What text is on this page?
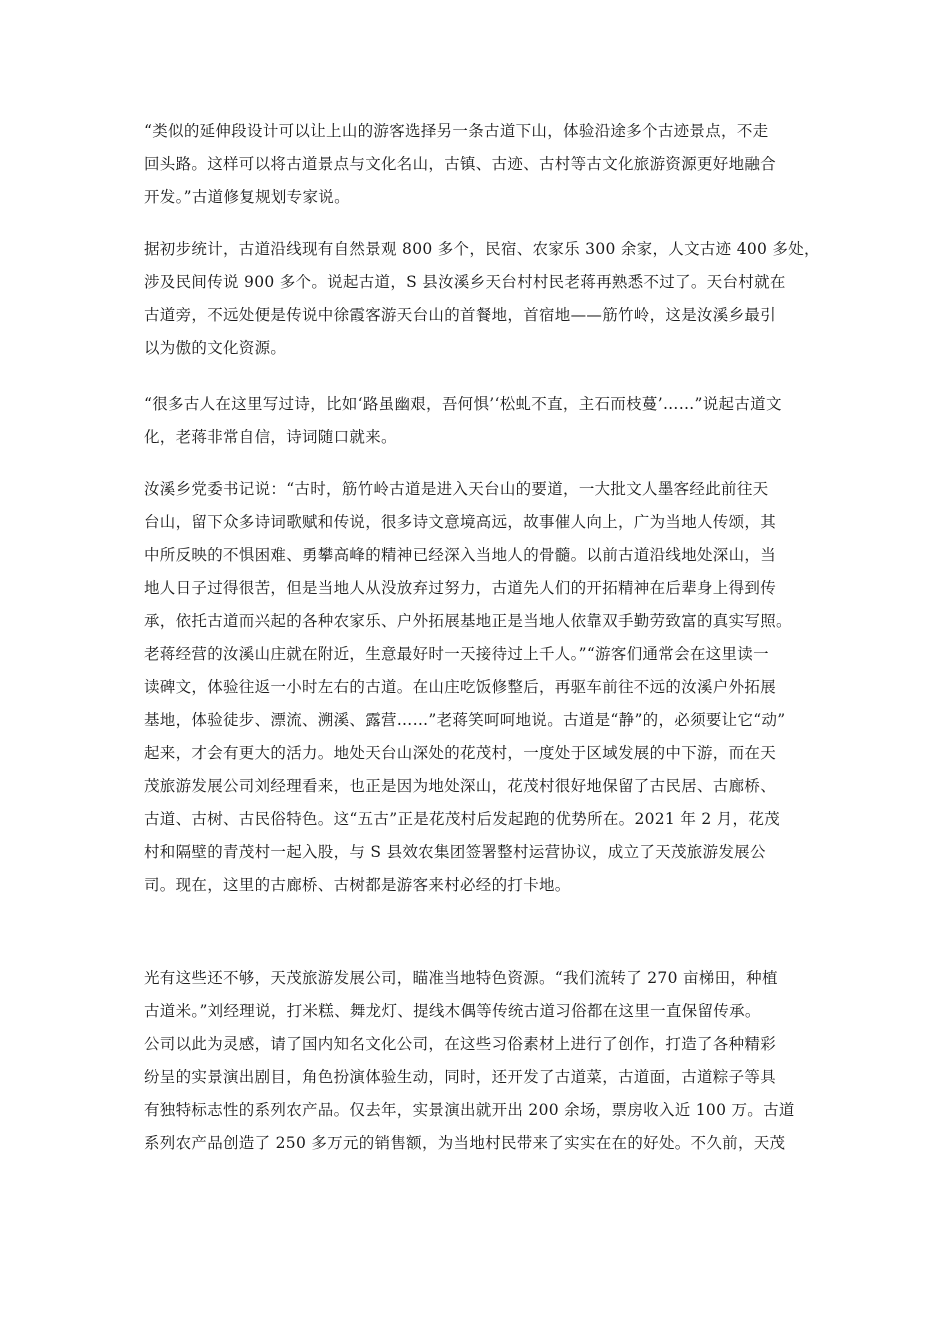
“类似的延伸段设计可以让上山的游客选择另一条古道下山，体验沿途多个古迹景点，不走
回头路。这样可以将古道景点与文化名山，古镇、古迹、古村等古文化旅游资源更好地融合
开发。”古道修复规划专家说。
据初步统计，古道沿线现有自然景观 800 多个，民宿、农家乐 300 余家，人文古迹 400 多处，
涉及民间传说 900 多个。说起古道，S 县汝溪乡天台村村民老蒋再熟悉不过了。天台村就在
古道旁，不远处便是传说中徐霞客游天台山的首餐地，首宿地——筋竹岭，这是汝溪乡最引
以为傲的文化资源。
“很多古人在这里写过诗，比如‘路虽幽艰，吾何惧’‘松虬不直，主石而枝蔓’……”说起古道文
化，老蒋非常自信，诗词随口就来。
汝溪乡党委书记说：“古时，筋竹岭古道是进入天台山的要道，一大批文人墨客经此前往天
台山，留下众多诗词歌赋和传说，很多诗文意境高远，故事催人向上，广为当地人传颂，其
中所反映的不惧困难、勇攀高峰的精神已经深入当地人的骨髓。以前古道沿线地处深山，当
地人日子过得很苦，但是当地人从没放弃过努力，古道先人们的开拓精神在后辈身上得到传
承，依托古道而兴起的各种农家乐、户外拓展基地正是当地人依靠双手勤劳致富的真实写照。
老蒋经营的汝溪山庄就在附近，生意最好时一天接待过上千人。”“游客们通常会在这里读一
读碑文，体验往返一小时左右的古道。在山庄吃饭修整后，再驱车前往不远的汝溪户外拓展
基地，体验徒步、漂流、溯溪、露营……”老蒋笑呵呵地说。古道是“静”的，必须要让它“动”
起来，才会有更大的活力。地处天台山深处的花茂村，一度处于区域发展的中下游，而在天
茂旅游发展公司刘经理看来，也正是因为地处深山，花茂村很好地保留了古民居、古廊桥、
古道、古树、古民俗特色。这“五古”正是花茂村后发起跑的优势所在。2021 年 2 月，花茂
村和隔壁的青茂村一起入股，与 S 县效农集团签署整村运营协议，成立了天茂旅游发展公
司。现在，这里的古廊桥、古树都是游客来村必经的打卡地。
光有这些还不够，天茂旅游发展公司，瞄准当地特色资源。“我们流转了 270 亩梯田，种植
古道米。”刘经理说，打米糕、舞龙灯、提线木偶等传统古道习俗都在这里一直保留传承。
公司以此为灵感，请了国内知名文化公司，在这些习俗素材上进行了创作，打造了各种精彩
纷呈的实景演出剧目，角色扮演体验生动，同时，还开发了古道菜，古道面，古道粽子等具
有独特标志性的系列农产品。仅去年，实景演出就开出 200 余场，票房收入近 100 万。古道
系列农产品创造了 250 多万元的销售额，为当地村民带来了实实在在的好处。不久前，天茂
